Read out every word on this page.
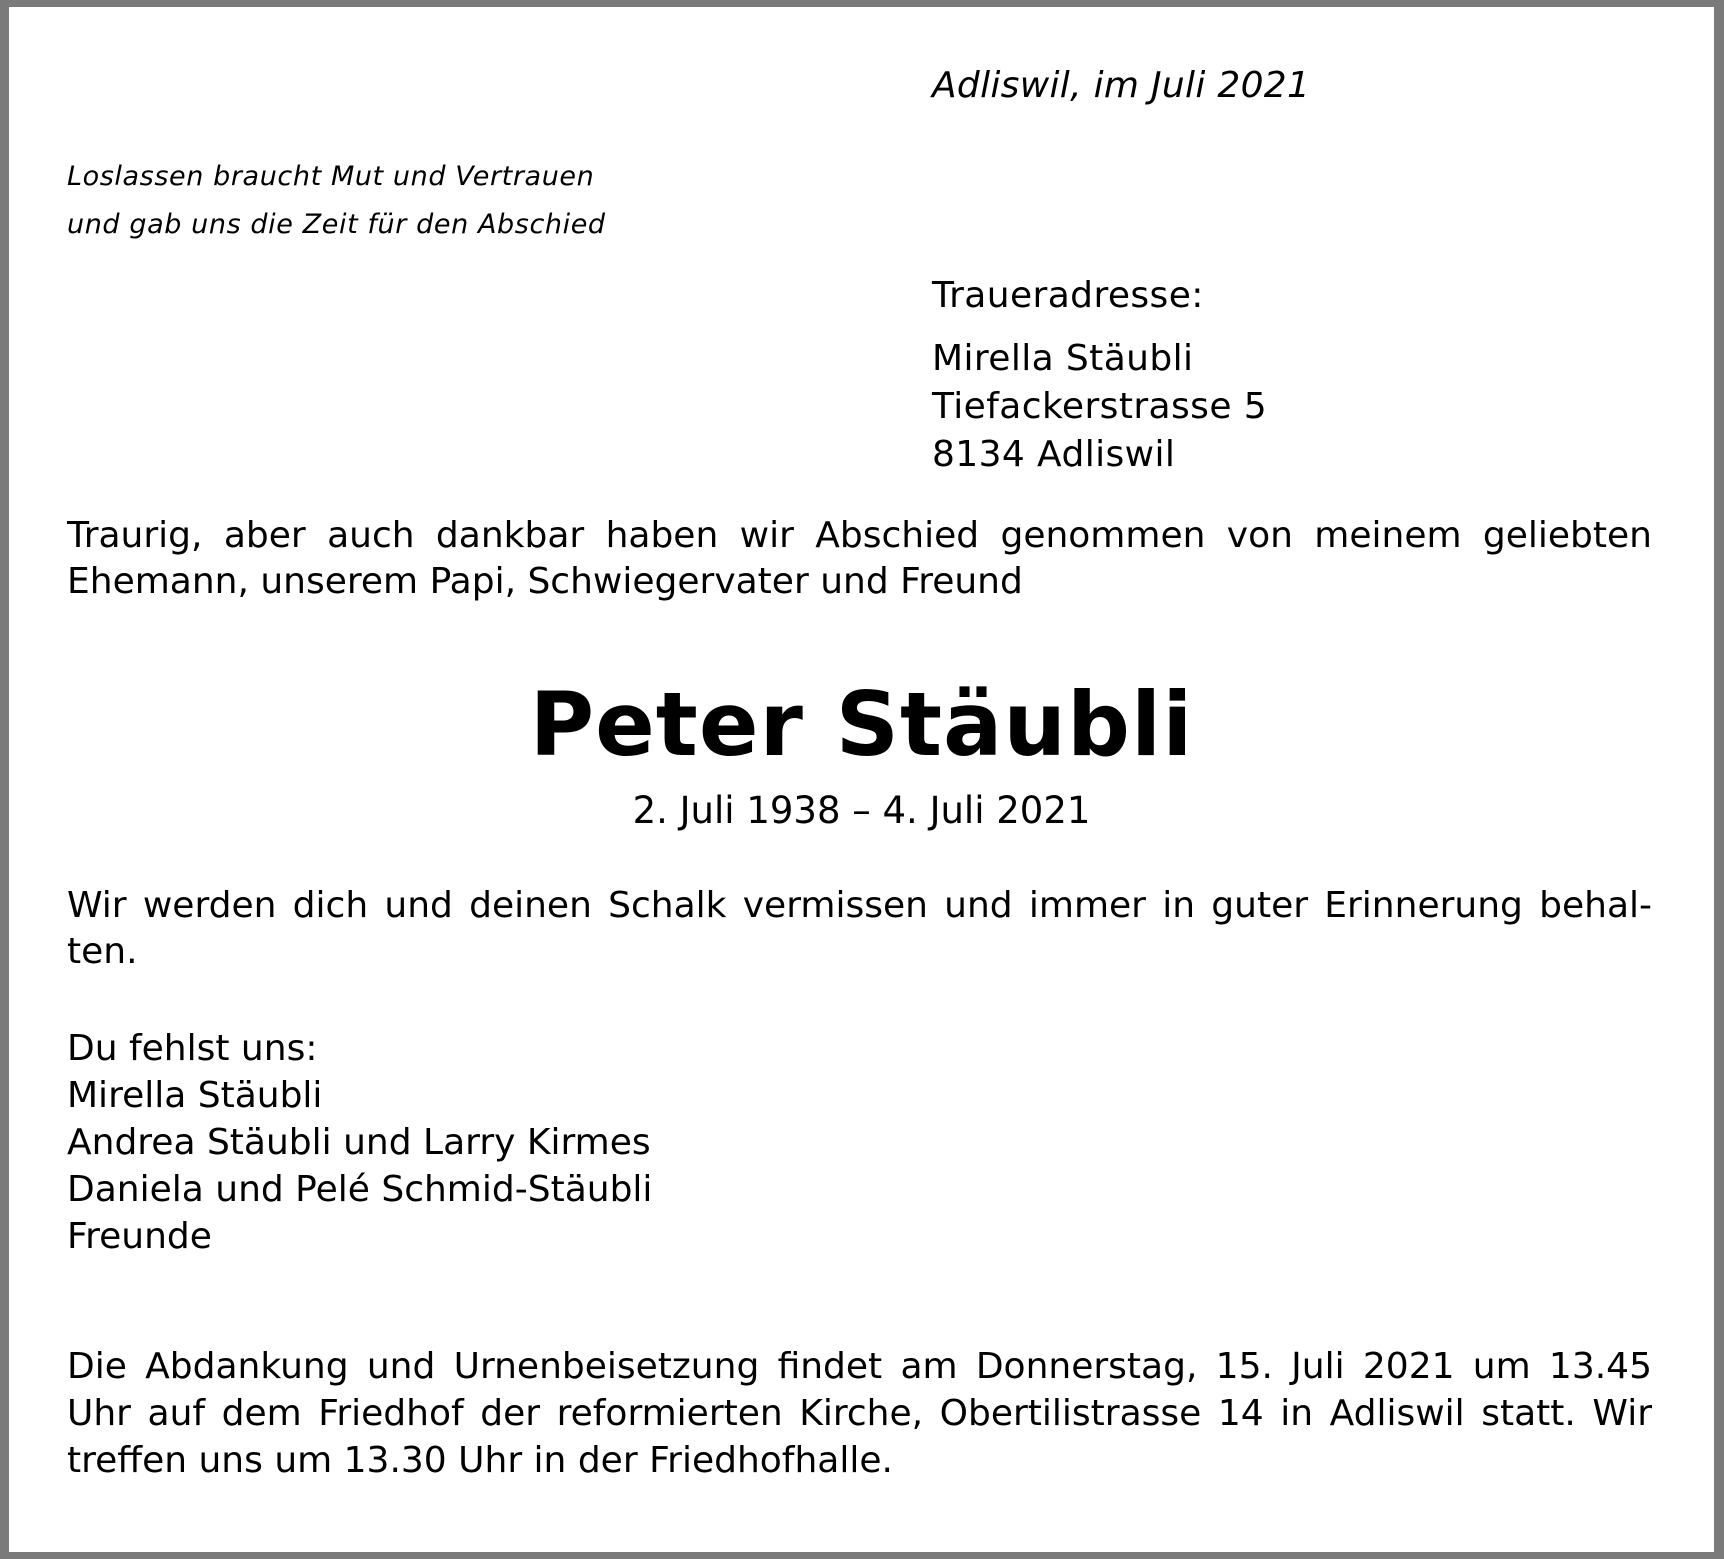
Adliswil, im Juli 2021

Loslassen braucht Mut und Vertrauen
und gab uns die Zeit für den Abschied

Traueradresse:

Mirella Stäubli
Tiefackerstrasse 5
8134 Adliswil
Traurig, aber auch dankbar haben wir Abschied genommen von meinem geliebten
Ehemann, unserem Papi, Schwiegervater und Freund
Peter Stäubli

2. Juli 1938 – 4. Juli 2021

Wir werden dich und deinen Schalk vermissen und immer in guter Erinnerung behal-
ten.
Du fehlst uns:
Mirella Stäubli
Andrea Stäubli und Larry Kirmes
Daniela und Pelé Schmid-Stäubli
Freunde
Die Abdankung und Urnenbeisetzung findet am Donnerstag, 15. Juli 2021 um 13.45
Uhr auf dem Friedhof der reformierten Kirche, Obertilistrasse 14 in Adliswil statt. Wir
treffen uns um 13.30 Uhr in der Friedhofhalle.
